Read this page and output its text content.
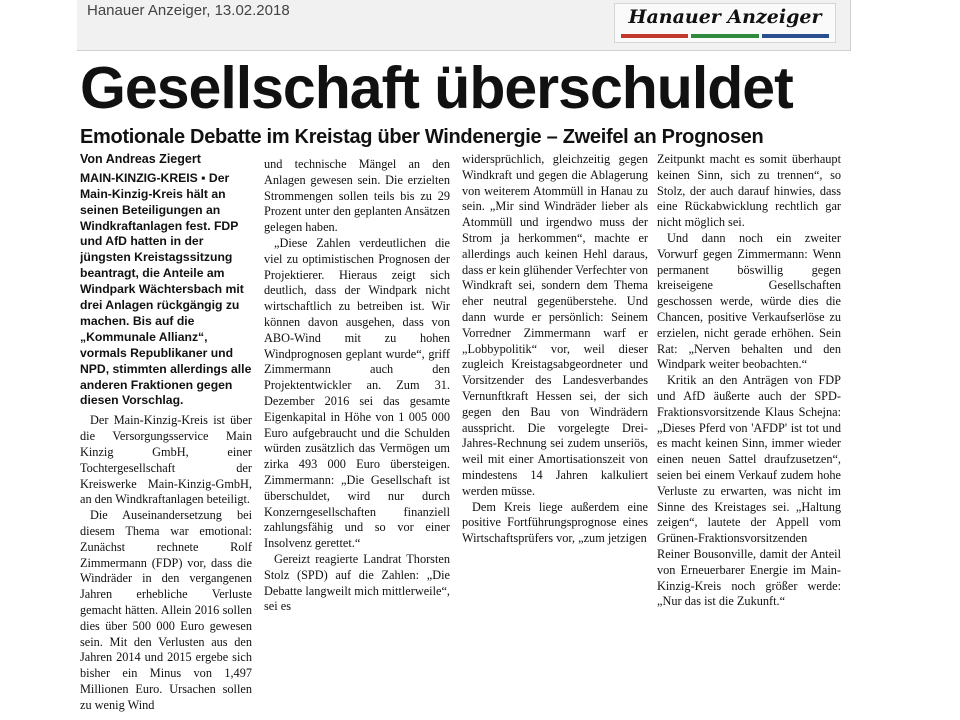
Hanauer Anzeiger, 13.02.2018	Hanauer Anzeiger
Gesellschaft überschuldet
Emotionale Debatte im Kreistag über Windenergie – Zweifel an Prognosen
Von Andreas Ziegert

MAIN-KINZIG-KREIS ▪ Der Main-Kinzig-Kreis hält an seinen Beteiligungen an Windkraftanlagen fest. FDP und AfD hatten in der jüngsten Kreistagssitzung beantragt, die Anteile am Windpark Wächtersbach mit drei Anlagen rückgängig zu machen. Bis auf die „Kommunale Allianz“, vormals Republikaner und NPD, stimmten allerdings alle anderen Fraktionen gegen diesen Vorschlag.

Der Main-Kinzig-Kreis ist über die Versorgungsservice Main Kinzig GmbH, einer Tochtergesellschaft der Kreiswerke Main-Kinzig-GmbH, an den Windkraftanlagen beteiligt.

Die Auseinandersetzung bei diesem Thema war emotional: Zunächst rechnete Rolf Zimmermann (FDP) vor, dass die Windräder in den vergangenen Jahren erhebliche Verluste gemacht hätten. Allein 2016 sollen dies über 500 000 Euro gewesen sein. Mit den Verlusten aus den Jahren 2014 und 2015 ergebe sich bisher ein Minus von 1,497 Millionen Euro. Ursachen sollen zu wenig Wind

und technische Mängel an den Anlagen gewesen sein. Die erzielten Strommengen sollen teils bis zu 29 Prozent unter den geplanten Ansätzen gelegen haben.

„Diese Zahlen verdeutlichen die viel zu optimistischen Prognosen der Projektierer. Hieraus zeigt sich deutlich, dass der Windpark nicht wirtschaftlich zu betreiben ist. Wir können davon ausgehen, dass von ABO-Wind mit zu hohen Windprognosen geplant wurde“, griff Zimmermann auch den Projektentwickler an. Zum 31. Dezember 2016 sei das gesamte Eigenkapital in Höhe von 1 005 000 Euro aufgebraucht und die Schulden würden zusätzlich das Vermögen um zirka 493 000 Euro übersteigen. Zimmermann: „Die Gesellschaft ist überschuldet, wird nur durch Konzerngesellschaften finanziell zahlungsfähig und so vor einer Insolvenz gerettet.“

Gereizt reagierte Landrat Thorsten Stolz (SPD) auf die Zahlen: „Die Debatte langweilt mich mittlerweile“, sei es

widersprüchlich, gleichzeitig gegen Windkraft und gegen die Ablagerung von weiterem Atommüll in Hanau zu sein. „Mir sind Windräder lieber als Atommüll und irgendwo muss der Strom ja herkommen“, machte er allerdings auch keinen Hehl daraus, dass er kein glühender Verfechter von Windkraft sei, sondern dem Thema eher neutral gegenüberstehe. Und dann wurde er persönlich: Seinem Vorredner Zimmermann warf er „Lobbypolitik“ vor, weil dieser zugleich Kreistagsabgeordneter und Vorsitzender des Landesverbandes Vernunftkraft Hessen sei, der sich gegen den Bau von Windrädern ausspricht. Die vorgelegte Drei-Jahres-Rechnung sei zudem unseriös, weil mit einer Amortisationszeit von mindestens 14 Jahren kalkuliert werden müsse.

Dem Kreis liege außerdem eine positive Fortführungsprognose eines Wirtschaftsprüfers vor, „zum jetzigen

Zeitpunkt macht es somit überhaupt keinen Sinn, sich zu trennen“, so Stolz, der auch darauf hinwies, dass eine Rückabwicklung rechtlich gar nicht möglich sei.

Und dann noch ein zweiter Vorwurf gegen Zimmermann: Wenn permanent böswillig gegen kreiseigene Gesellschaften geschossen werde, würde dies die Chancen, positive Verkaufserlöse zu erzielen, nicht gerade erhöhen. Sein Rat: „Nerven behalten und den Windpark weiter beobachten.“

Kritik an den Anträgen von FDP und AfD äußerte auch der SPD-Fraktionsvorsitzende Klaus Schejna: „Dieses Pferd von 'AFDP' ist tot und es macht keinen Sinn, immer wieder einen neuen Sattel draufzusetzen“, seien bei einem Verkauf zudem hohe Verluste zu erwarten, was nicht im Sinne des Kreistages sei. „Haltung zeigen“, lautete der Appell vom Grünen-Fraktionsvorsitzenden Reiner Bousonville, damit der Anteil von Erneuerbarer Energie im Main-Kinzig-Kreis noch größer werde: „Nur das ist die Zukunft.“
